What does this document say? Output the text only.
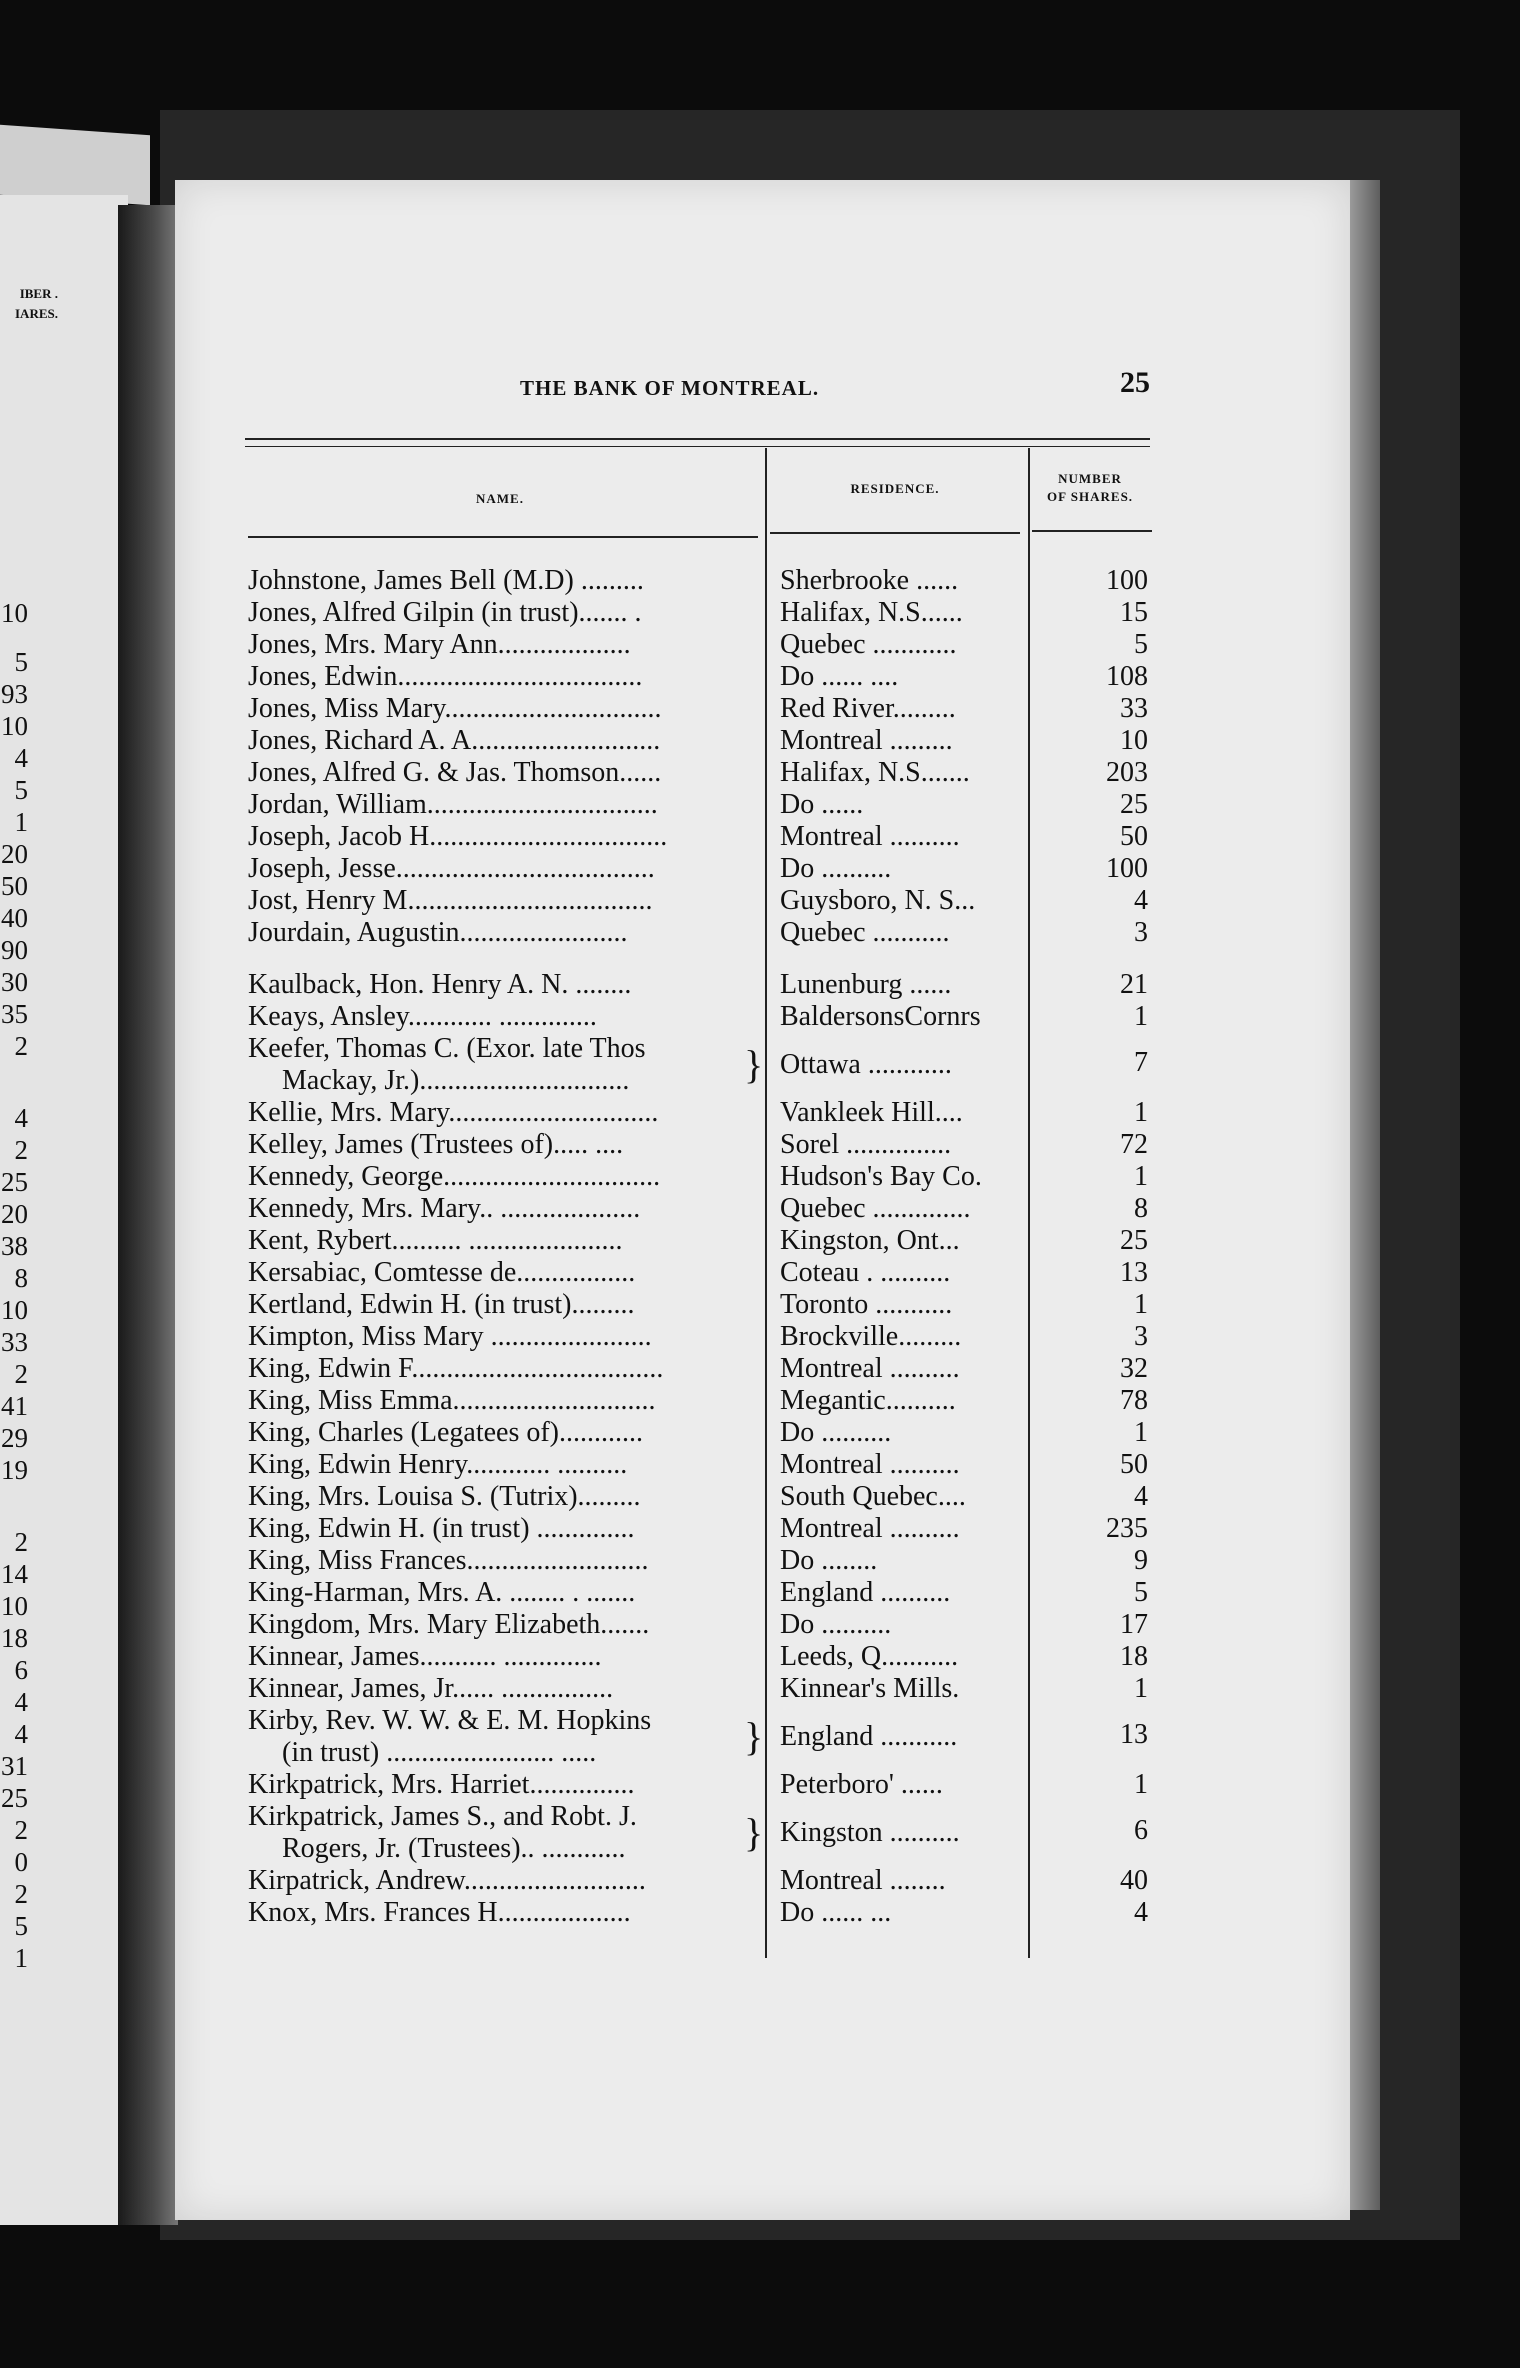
IBER .
IARES.
10
5
93
10
4
5
1
20
50
40
90
30
35
2
4
2
25
20
38
8
10
33
2
41
29
19
2
14
10
18
6
4
4
31
25
2
0
2
5
1
THE BANK OF MONTREAL.	25
NAME.
RESIDENCE.
NUMBER
OF SHARES.
Johnstone, James Bell (M.D) .........	Sherbrooke ......	100
Jones, Alfred Gilpin (in trust)....... .	Halifax, N.S......	15
Jones, Mrs. Mary Ann...................	Quebec ............	5
Jones, Edwin...................................	Do ...... ....	108
Jones, Miss Mary...............................	Red River.........	33
Jones, Richard A. A...........................	Montreal .........	10
Jones, Alfred G. & Jas. Thomson......	Halifax, N.S.......	203
Jordan, William.................................	Do ......	25
Joseph, Jacob H..................................	Montreal ..........	50
Joseph, Jesse.....................................	Do ..........	100
Jost, Henry M...................................	Guysboro, N. S...	4
Jourdain, Augustin........................	Quebec ...........	3
Kaulback, Hon. Henry A. N. ........	Lunenburg ......	21
Keays, Ansley............ ..............	BaldersonsCornrs	1
Keefer, Thomas C. (Exor. late Thos
Mackay, Jr.)..............................	} Ottawa ............	7
Kellie, Mrs. Mary..............................	Vankleek Hill....	1
Kelley, James (Trustees of)..... ....	Sorel ...............	72
Kennedy, George...............................	Hudson's Bay Co.	1
Kennedy, Mrs. Mary.. ....................	Quebec ..............	8
Kent, Rybert.......... ......................	Kingston, Ont...	25
Kersabiac, Comtesse de.................	Coteau . ..........	13
Kertland, Edwin H. (in trust).........	Toronto ...........	1
Kimpton, Miss Mary .......................	Brockville.........	3
King, Edwin F....................................	Montreal ..........	32
King, Miss Emma.............................	Megantic..........	78
King, Charles (Legatees of)............	Do ..........	1
King, Edwin Henry............ ..........	Montreal ..........	50
King, Mrs. Louisa S. (Tutrix).........	South Quebec....	4
King, Edwin H. (in trust) ..............	Montreal ..........	235
King, Miss Frances..........................	Do ........	9
King-Harman, Mrs. A. ........ . .......	England ..........	5
Kingdom, Mrs. Mary Elizabeth.......	Do ..........	17
Kinnear, James........... ..............	Leeds, Q...........	18
Kinnear, James, Jr...... ................	Kinnear's Mills.	1
Kirby, Rev. W. W. & E. M. Hopkins
(in trust) ........................ .....	} England ...........	13
Kirkpatrick, Mrs. Harriet...............	Peterboro' ......	1
Kirkpatrick, James S., and Robt. J.
Rogers, Jr. (Trustees).. ............	} Kingston ..........	6
Kirpatrick, Andrew..........................	Montreal ........	40
Knox, Mrs. Frances H...................	Do ...... ...	4
